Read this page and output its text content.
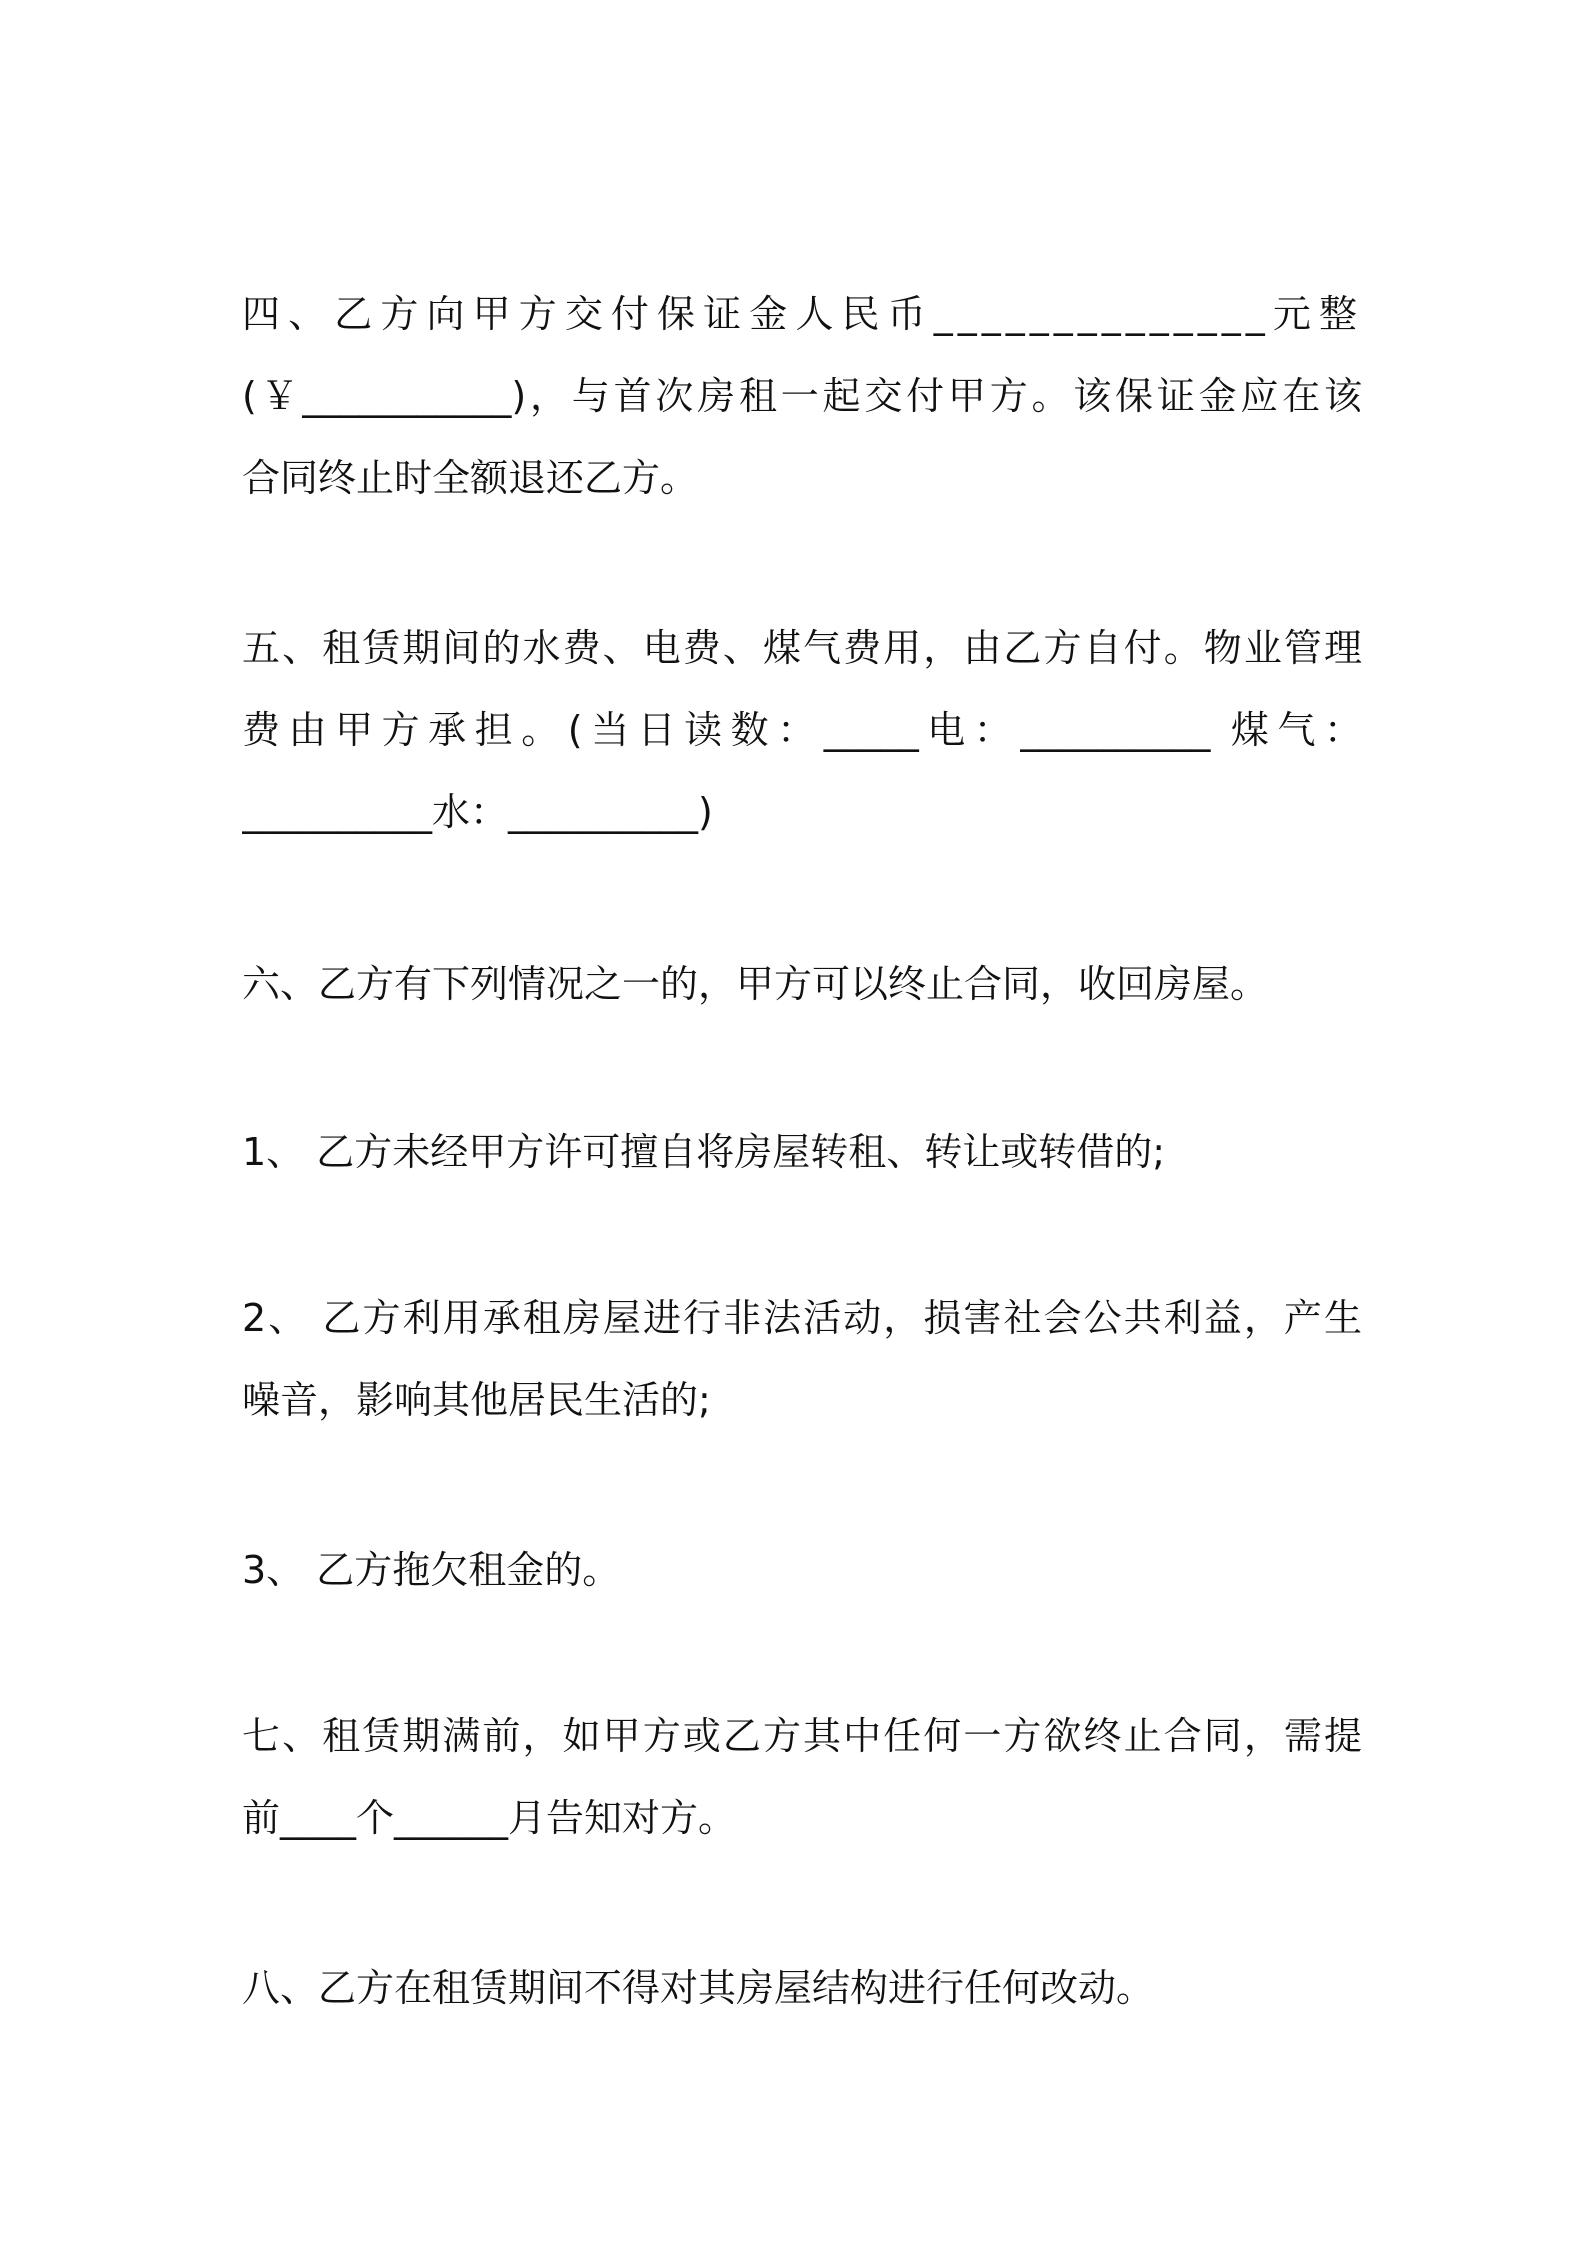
四、乙方向甲方交付保证金人民币______________元整

(￥___________)，与首次房租一起交付甲方。该保证金应在该

合同终止时全额退还乙方。

五、租赁期间的水费、电费、煤气费用，由乙方自付。物业管理

费由甲方承担。(当日读数：_____电：__________ 煤气：

__________水：__________)

六、乙方有下列情况之一的，甲方可以终止合同，收回房屋。

1、 乙方未经甲方许可擅自将房屋转租、转让或转借的;

2、 乙方利用承租房屋进行非法活动，损害社会公共利益，产生

噪音，影响其他居民生活的;

3、 乙方拖欠租金的。

七、租赁期满前，如甲方或乙方其中任何一方欲终止合同，需提

前____个______月告知对方。

八、乙方在租赁期间不得对其房屋结构进行任何改动。
